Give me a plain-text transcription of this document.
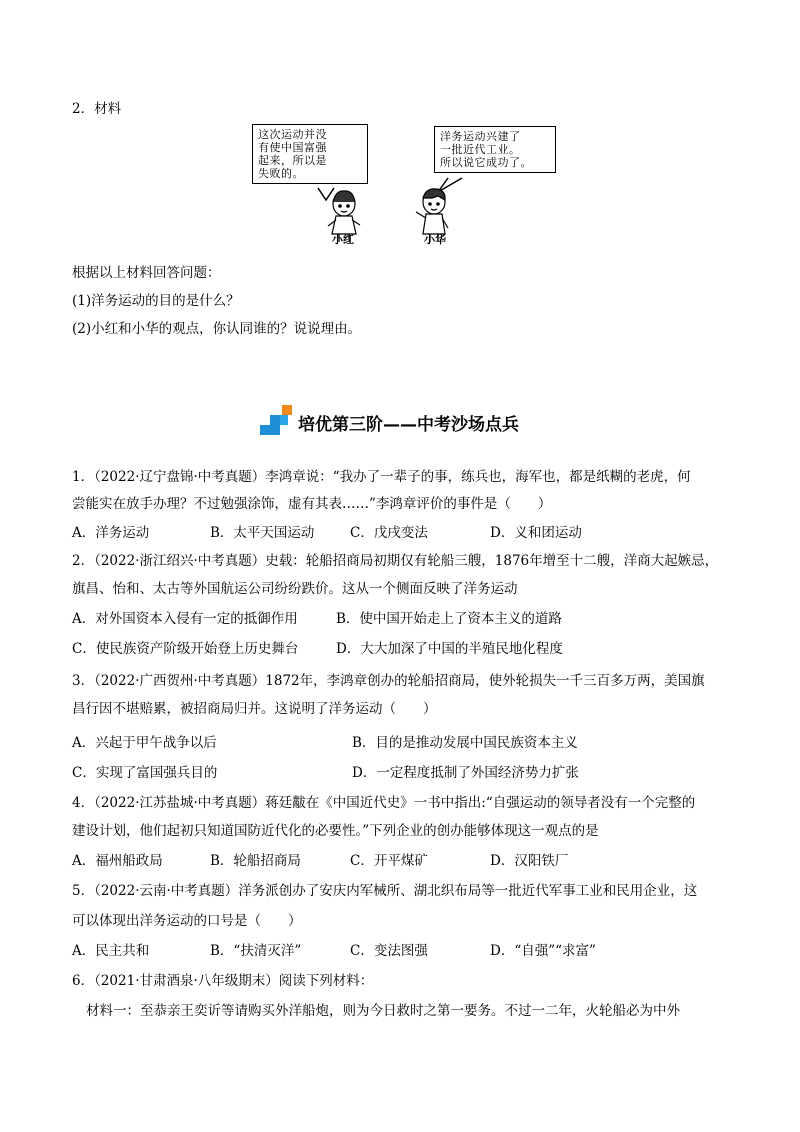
2．材料
这次运动并没
有使中国富强
起来，所以是
失败的。
洋务运动兴建了
一批近代工业。
所以说它成功了。
小红	小华
根据以上材料回答问题：
(1)洋务运动的目的是什么？
(2)小红和小华的观点，你认同谁的？说说理由。
培优第三阶——中考沙场点兵
1．（2022·辽宁盘锦·中考真题）李鸿章说：“我办了一辈子的事，练兵也，海军也，都是纸糊的老虎，何
尝能实在放手办理？不过勉强涂饰，虚有其表……”李鸿章评价的事件是（　　）
A．洋务运动	B．太平天国运动	C．戊戌变法	D．义和团运动
2．（2022·浙江绍兴·中考真题）史载：轮船招商局初期仅有轮船三艘，1876年增至十二艘，洋商大起嫉忌，
旗昌、怡和、太古等外国航运公司纷纷跌价。这从一个侧面反映了洋务运动
A．对外国资本入侵有一定的抵御作用	B．使中国开始走上了资本主义的道路
C．使民族资产阶级开始登上历史舞台	D．大大加深了中国的半殖民地化程度
3．（2022·广西贺州·中考真题）1872年，李鸿章创办的轮船招商局，使外轮损失一千三百多万两，美国旗
昌行因不堪赔累，被招商局归并。这说明了洋务运动（　　）
A．兴起于甲午战争以后	B．目的是推动发展中国民族资本主义
C．实现了富国强兵目的	D．一定程度抵制了外国经济势力扩张
4．（2022·江苏盐城·中考真题）蒋廷黻在《中国近代史》一书中指出:“自强运动的领导者没有一个完整的
建设计划，他们起初只知道国防近代化的必要性。”下列企业的创办能够体现这一观点的是
A．福州船政局	B．轮船招商局	C．开平煤矿	D．汉阳铁厂
5．（2022·云南·中考真题）洋务派创办了安庆内军械所、湖北织布局等一批近代军事工业和民用企业，这
可以体现出洋务运动的口号是（　　）
A．民主共和	B．“扶清灭洋”	C．变法图强	D．“自强”“求富”
6．（2021·甘肃酒泉·八年级期末）阅读下列材料：
材料一：至恭亲王奕䜣等请购买外洋船炮，则为今日救时之第一要务。不过一二年，火轮船必为中外
